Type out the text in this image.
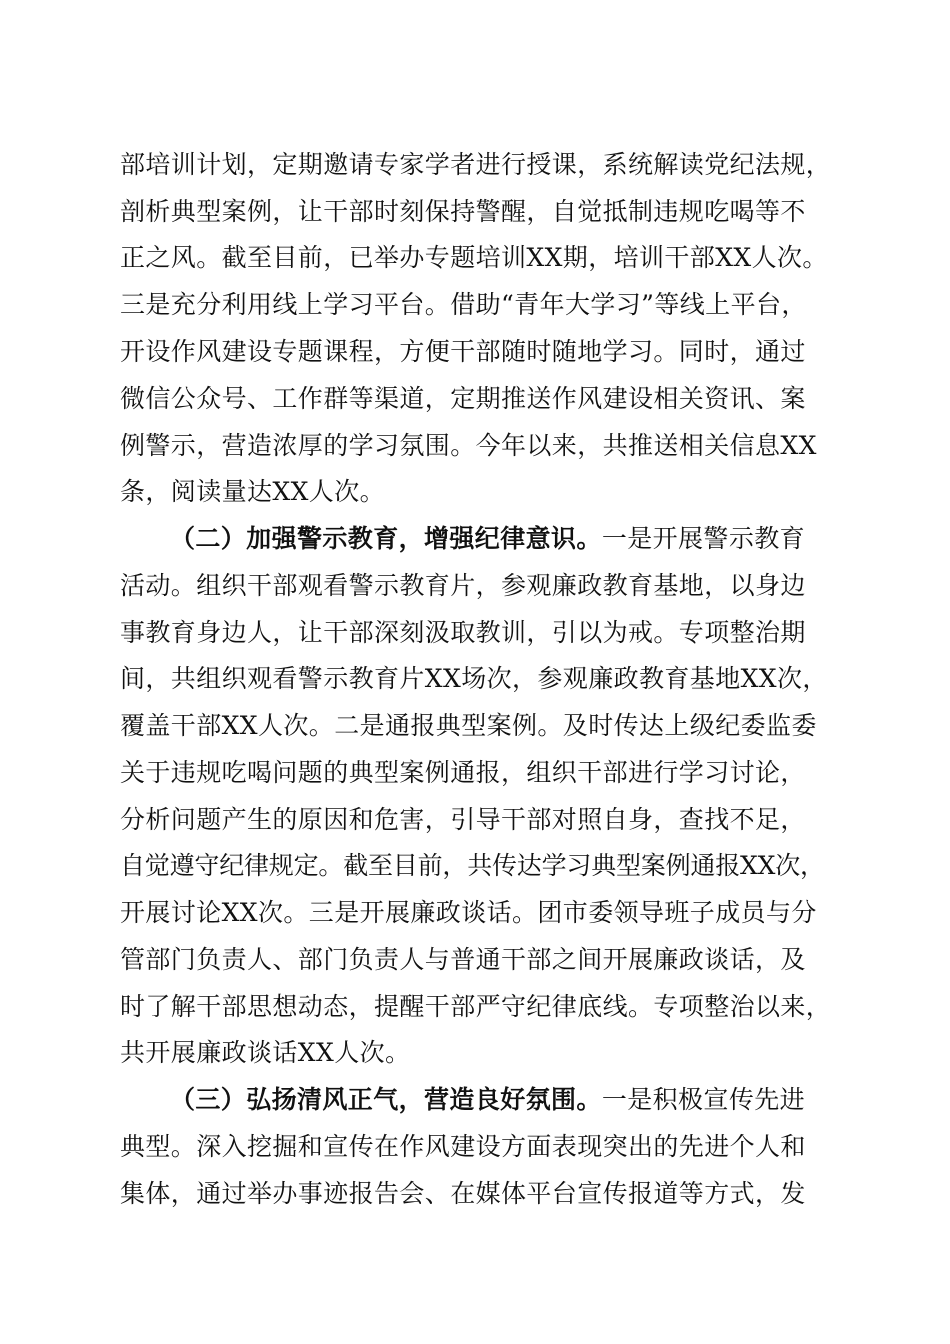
部培训计划，定期邀请专家学者进行授课，系统解读党纪法规，
剖析典型案例，让干部时刻保持警醒，自觉抵制违规吃喝等不
正之风。截至目前，已举办专题培训XX期，培训干部XX人次。
三是充分利用线上学习平台。借助“青年大学习”等线上平台，
开设作风建设专题课程，方便干部随时随地学习。同时，通过
微信公众号、工作群等渠道，定期推送作风建设相关资讯、案
例警示，营造浓厚的学习氛围。今年以来，共推送相关信息XX
条，阅读量达XX人次。
（二）加强警示教育，增强纪律意识。一是开展警示教育
活动。组织干部观看警示教育片，参观廉政教育基地，以身边
事教育身边人，让干部深刻汲取教训，引以为戒。专项整治期
间，共组织观看警示教育片XX场次，参观廉政教育基地XX次，
覆盖干部XX人次。二是通报典型案例。及时传达上级纪委监委
关于违规吃喝问题的典型案例通报，组织干部进行学习讨论，
分析问题产生的原因和危害，引导干部对照自身，查找不足，
自觉遵守纪律规定。截至目前，共传达学习典型案例通报XX次，
开展讨论XX次。三是开展廉政谈话。团市委领导班子成员与分
管部门负责人、部门负责人与普通干部之间开展廉政谈话，及
时了解干部思想动态，提醒干部严守纪律底线。专项整治以来，
共开展廉政谈话XX人次。
（三）弘扬清风正气，营造良好氛围。一是积极宣传先进
典型。深入挖掘和宣传在作风建设方面表现突出的先进个人和
集体，通过举办事迹报告会、在媒体平台宣传报道等方式，发
